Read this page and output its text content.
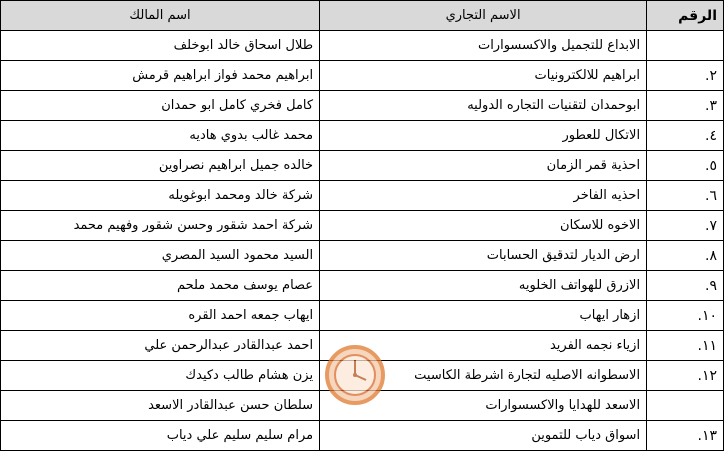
الرقم	الاسم التجاري	اسم المالك
	الابداع للتجميل والاكسسوارات	طلال اسحاق خالد ابوخلف
٢.	ابراهيم للالكترونيات	ابراهيم محمد فواز ابراهيم قرمش
٣.	ابوحمدان لتقنيات التجاره الدوليه	كامل فخري كامل ابو حمدان
٤.	الاتكال للعطور	محمد غالب بدوي هاديه
٥.	احذية قمر الزمان	خالده جميل ابراهيم نصراوين
٦.	احذيه الفاخر	شركة خالد ومحمد ابوغويله
٧.	الاخوه للاسكان	شركة احمد شقور وحسن شقور وفهيم محمد
٨.	ارض الديار لتدقيق الحسابات	السيد محمود السيد المصري
٩.	الازرق للهواتف الخلويه	عصام يوسف محمد ملحم
١٠.	ازهار ايهاب	ايهاب جمعه احمد القره
١١.	ازياء نجمه الفريد	احمد عبدالقادر عبدالرحمن علي
١٢.	الاسطوانه الاصليه لتجارة اشرطة الكاسيت	يزن هشام طالب دكيدك
	الاسعد للهدايا والاكسسوارات	سلطان حسن عبدالقادر الاسعد
١٣.	اسواق دياب للتموين	مرام سليم سليم علي دياب
